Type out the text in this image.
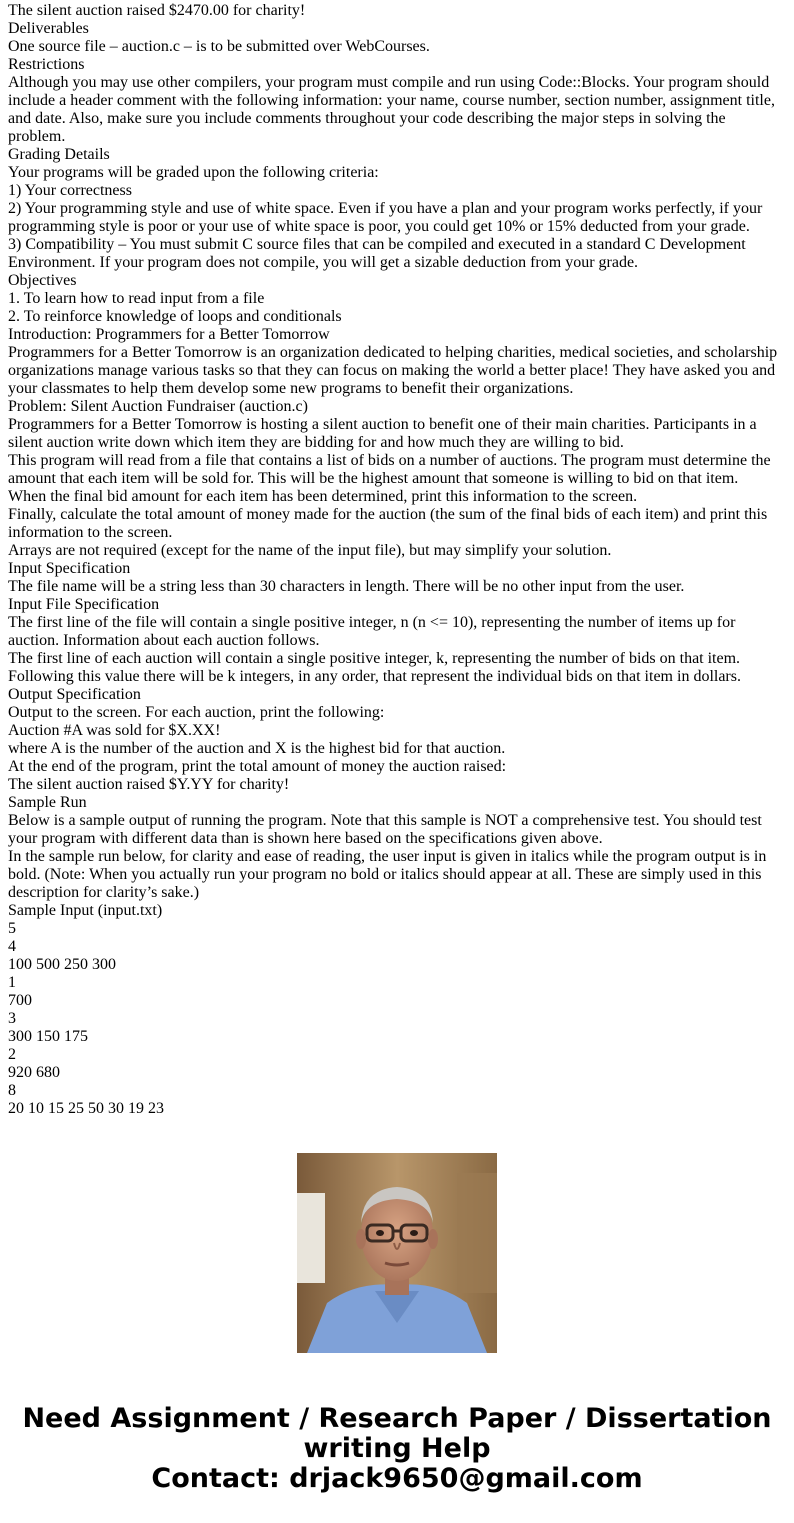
The silent auction raised $2470.00 for charity!
Deliverables
One source file – auction.c – is to be submitted over WebCourses.
Restrictions
Although you may use other compilers, your program must compile and run using Code::Blocks. Your program should include a header comment with the following information: your name, course number, section number, assignment title, and date. Also, make sure you include comments throughout your code describing the major steps in solving the problem.
Grading Details
Your programs will be graded upon the following criteria:
1) Your correctness
2) Your programming style and use of white space. Even if you have a plan and your program works perfectly, if your programming style is poor or your use of white space is poor, you could get 10% or 15% deducted from your grade.
3) Compatibility – You must submit C source files that can be compiled and executed in a standard C Development Environment. If your program does not compile, you will get a sizable deduction from your grade.
Objectives
1. To learn how to read input from a file
2. To reinforce knowledge of loops and conditionals
Introduction: Programmers for a Better Tomorrow
Programmers for a Better Tomorrow is an organization dedicated to helping charities, medical societies, and scholarship organizations manage various tasks so that they can focus on making the world a better place! They have asked you and your classmates to help them develop some new programs to benefit their organizations.
Problem: Silent Auction Fundraiser (auction.c)
Programmers for a Better Tomorrow is hosting a silent auction to benefit one of their main charities. Participants in a silent auction write down which item they are bidding for and how much they are willing to bid.
This program will read from a file that contains a list of bids on a number of auctions. The program must determine the amount that each item will be sold for. This will be the highest amount that someone is willing to bid on that item.
When the final bid amount for each item has been determined, print this information to the screen.
Finally, calculate the total amount of money made for the auction (the sum of the final bids of each item) and print this information to the screen.
Arrays are not required (except for the name of the input file), but may simplify your solution.
Input Specification
The file name will be a string less than 30 characters in length. There will be no other input from the user.
Input File Specification
The first line of the file will contain a single positive integer, n (n <= 10), representing the number of items up for auction. Information about each auction follows.
The first line of each auction will contain a single positive integer, k, representing the number of bids on that item. Following this value there will be k integers, in any order, that represent the individual bids on that item in dollars.
Output Specification
Output to the screen. For each auction, print the following:
Auction #A was sold for $X.XX!
where A is the number of the auction and X is the highest bid for that auction.
At the end of the program, print the total amount of money the auction raised:
The silent auction raised $Y.YY for charity!
Sample Run
Below is a sample output of running the program. Note that this sample is NOT a comprehensive test. You should test your program with different data than is shown here based on the specifications given above.
In the sample run below, for clarity and ease of reading, the user input is given in italics while the program output is in bold. (Note: When you actually run your program no bold or italics should appear at all. These are simply used in this description for clarity’s sake.)
Sample Input (input.txt)
5
4
100 500 250 300
1
700
3
300 150 175
2
920 680
8
20 10 15 25 50 30 19 23
Need Assignment / Research Paper / Dissertation
writing Help
Contact: drjack9650@gmail.com
